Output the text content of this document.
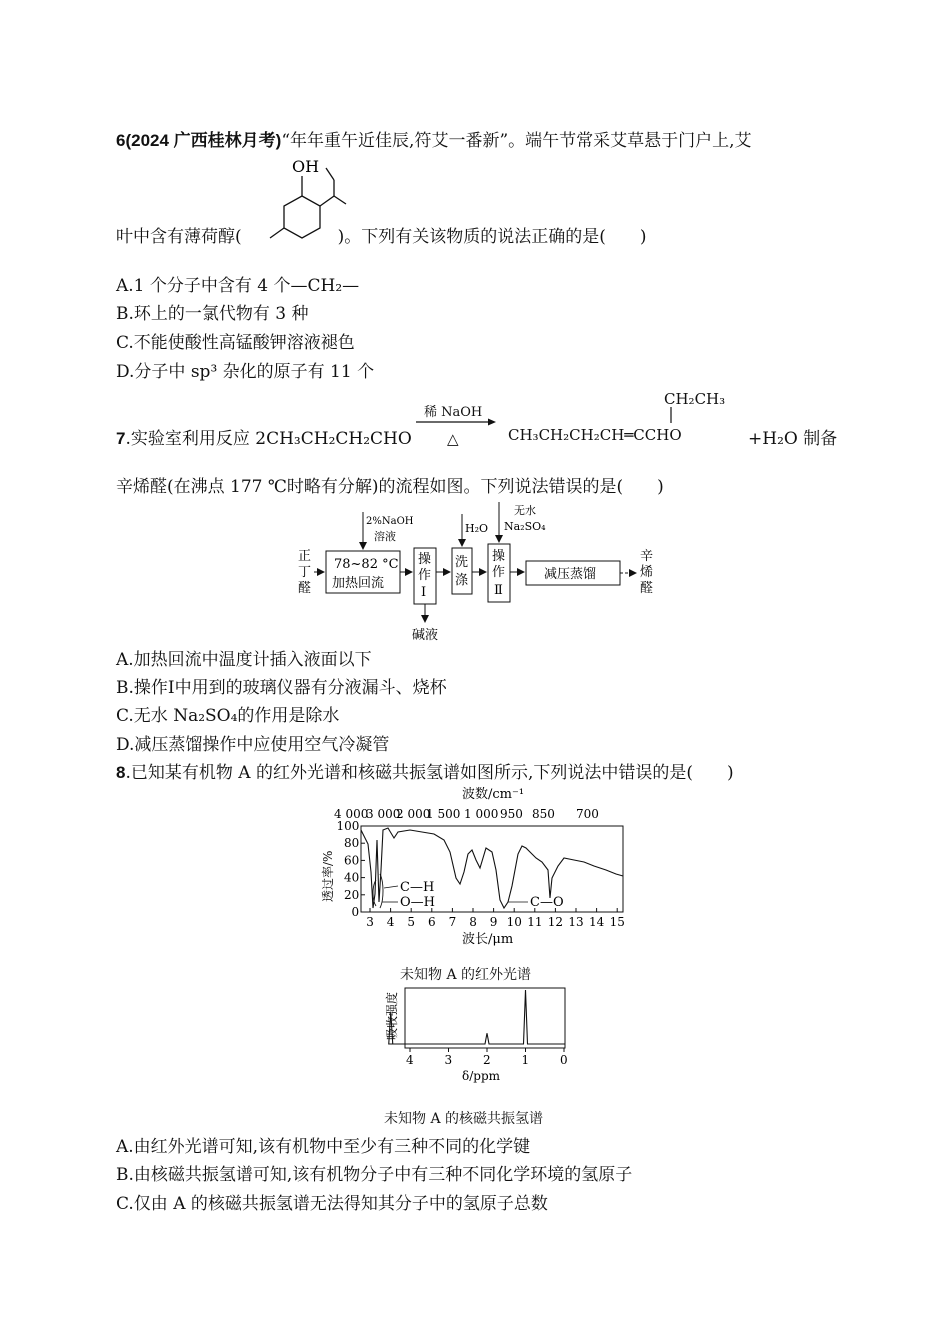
6(2024 广西桂林月考)“年年重午近佳辰,符艾一番新”。端午节常采艾草悬于门户上,艾
OH
叶中含有薄荷醇(	)。下列有关该物质的说法正确的是(　　)
A.1 个分子中含有 4 个—CH₂—
B.环上的一氯代物有 3 种
C.不能使酸性高锰酸钾溶液褪色
D.分子中 sp³ 杂化的原子有 11 个
7.实验室利用反应 2CH₃CH₂CH₂CHO
稀 NaOH
△
CH₂CH₃
CH₃CH₂CH₂CH═CCHO	+H₂O 制备
辛烯醛(在沸点 177 ℃时略有分解)的流程如图。下列说法错误的是(　　)
正
丁
醛
78~82 °C
加热回流
2%NaOH
溶液
操
作
Ⅰ
碱液
洗
涤
H₂O
操
作
Ⅱ
无水
Na₂SO₄
减压蒸馏
辛
烯
醛
A.加热回流中温度计插入液面以下
B.操作Ⅰ中用到的玻璃仪器有分液漏斗、烧杯
C.无水 Na₂SO₄的作用是除水
D.减压蒸馏操作中应使用空气冷凝管
8.已知某有机物 A 的红外光谱和核磁共振氢谱如图所示,下列说法中错误的是(　　)
波数/cm⁻¹
4 000
3 000
2 000
1 500 1 000 950 850 700
100
80
60
40
20
0
3 4 5 6 7 8 9 10 11 12 13 14 15
透过率/%
波长/μm
C—H
O—H	C—O
未知物 A 的红外光谱
吸收强度
4	3	2	1	0
δ/ppm
未知物 A 的核磁共振氢谱
A.由红外光谱可知,该有机物中至少有三种不同的化学键
B.由核磁共振氢谱可知,该有机物分子中有三种不同化学环境的氢原子
C.仅由 A 的核磁共振氢谱无法得知其分子中的氢原子总数
